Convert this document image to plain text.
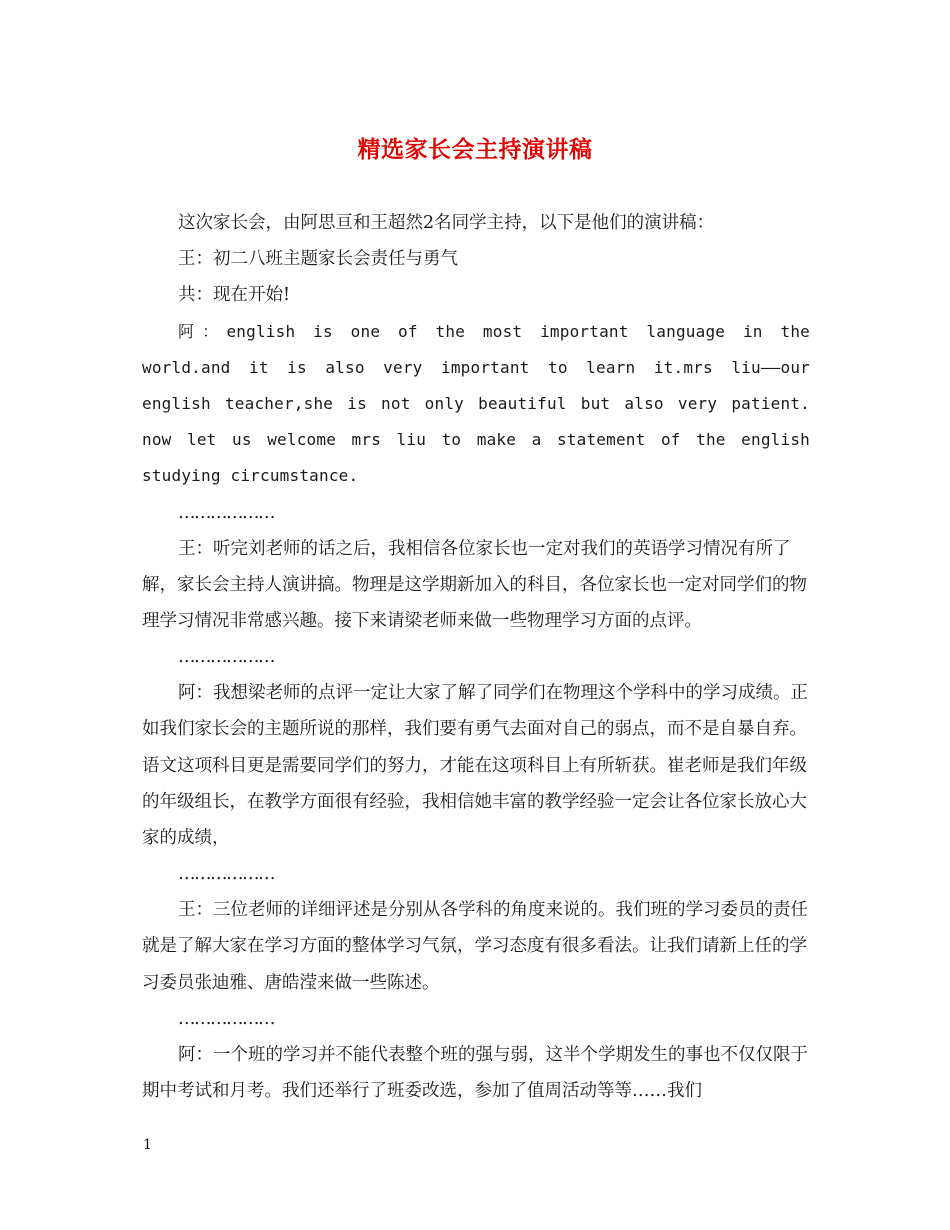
精选家长会主持演讲稿

这次家长会，由阿思亘和王超然2名同学主持，以下是他们的演讲稿：

王：初二八班主题家长会责任与勇气

共：现在开始!

阿：english is one of the most important language in the world.and it is also very important to learn it.mrs liu——our english teacher,she is not only beautiful but also very patient. now let us welcome mrs liu to make a statement of the english studying circumstance.

………………

王：听完刘老师的话之后，我相信各位家长也一定对我们的英语学习情况有所了解，家长会主持人演讲搞。物理是这学期新加入的科目，各位家长也一定对同学们的物理学习情况非常感兴趣。接下来请梁老师来做一些物理学习方面的点评。

………………

阿：我想梁老师的点评一定让大家了解了同学们在物理这个学科中的学习成绩。正如我们家长会的主题所说的那样，我们要有勇气去面对自己的弱点，而不是自暴自弃。语文这项科目更是需要同学们的努力，才能在这项科目上有所斩获。崔老师是我们年级的年级组长，在教学方面很有经验，我相信她丰富的教学经验一定会让各位家长放心大家的成绩，

………………

王：三位老师的详细评述是分别从各学科的角度来说的。我们班的学习委员的责任就是了解大家在学习方面的整体学习气氛，学习态度有很多看法。让我们请新上任的学习委员张迪雅、唐皓滢来做一些陈述。

………………

阿：一个班的学习并不能代表整个班的强与弱，这半个学期发生的事也不仅仅限于期中考试和月考。我们还举行了班委改选，参加了值周活动等等……我们

1
